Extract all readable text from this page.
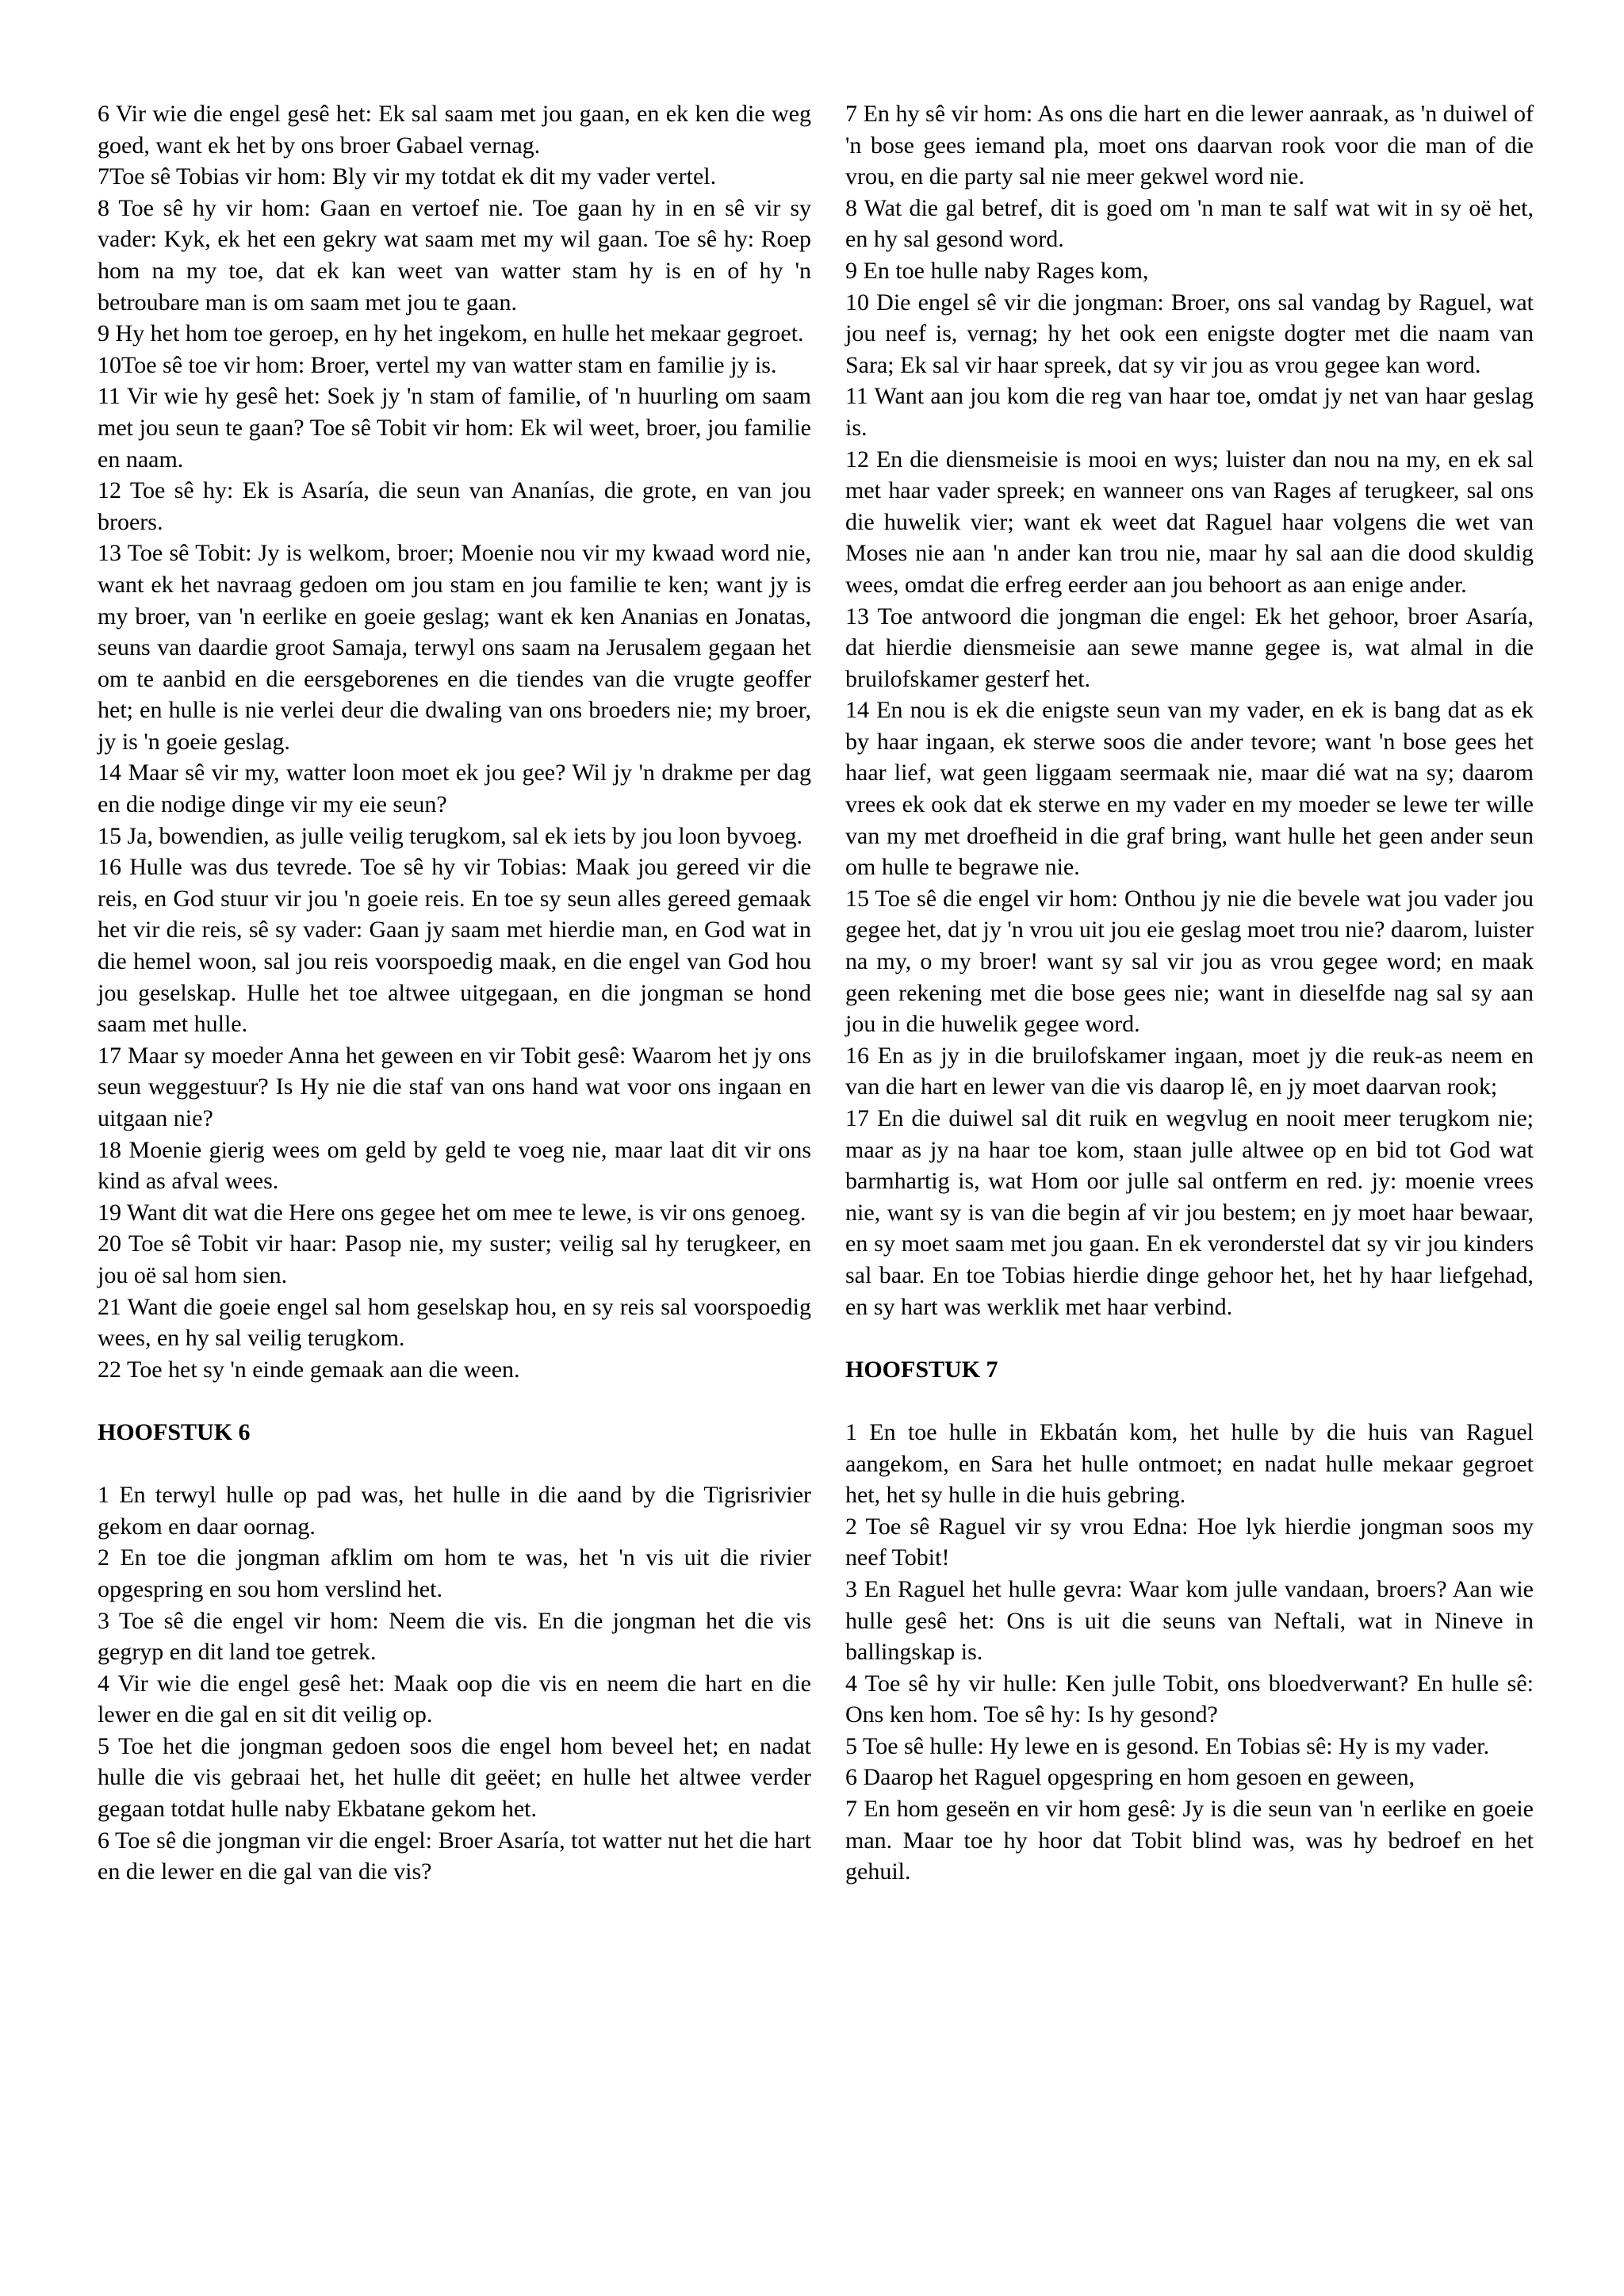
6 Vir wie die engel gesê het: Ek sal saam met jou gaan, en ek ken die weg goed, want ek het by ons broer Gabael vernag.

7Toe sê Tobias vir hom: Bly vir my totdat ek dit my vader vertel.

8 Toe sê hy vir hom: Gaan en vertoef nie. Toe gaan hy in en sê vir sy vader: Kyk, ek het een gekry wat saam met my wil gaan. Toe sê hy: Roep hom na my toe, dat ek kan weet van watter stam hy is en of hy 'n betroubare man is om saam met jou te gaan.

9 Hy het hom toe geroep, en hy het ingekom, en hulle het mekaar gegroet.

10Toe sê toe vir hom: Broer, vertel my van watter stam en familie jy is.

11 Vir wie hy gesê het: Soek jy 'n stam of familie, of 'n huurling om saam met jou seun te gaan? Toe sê Tobit vir hom: Ek wil weet, broer, jou familie en naam.

12 Toe sê hy: Ek is Asaría, die seun van Ananías, die grote, en van jou broers.

13 Toe sê Tobit: Jy is welkom, broer; Moenie nou vir my kwaad word nie, want ek het navraag gedoen om jou stam en jou familie te ken; want jy is my broer, van 'n eerlike en goeie geslag; want ek ken Ananias en Jonatas, seuns van daardie groot Samaja, terwyl ons saam na Jerusalem gegaan het om te aanbid en die eersgeborenes en die tiendes van die vrugte geoffer het; en hulle is nie verlei deur die dwaling van ons broeders nie; my broer, jy is 'n goeie geslag.

14 Maar sê vir my, watter loon moet ek jou gee? Wil jy 'n drakme per dag en die nodige dinge vir my eie seun?

15 Ja, bowendien, as julle veilig terugkom, sal ek iets by jou loon byvoeg.

16 Hulle was dus tevrede. Toe sê hy vir Tobias: Maak jou gereed vir die reis, en God stuur vir jou 'n goeie reis. En toe sy seun alles gereed gemaak het vir die reis, sê sy vader: Gaan jy saam met hierdie man, en God wat in die hemel woon, sal jou reis voorspoedig maak, en die engel van God hou jou geselskap. Hulle het toe altwee uitgegaan, en die jongman se hond saam met hulle.

17 Maar sy moeder Anna het geween en vir Tobit gesê: Waarom het jy ons seun weggestuur? Is Hy nie die staf van ons hand wat voor ons ingaan en uitgaan nie?

18 Moenie gierig wees om geld by geld te voeg nie, maar laat dit vir ons kind as afval wees.

19 Want dit wat die Here ons gegee het om mee te lewe, is vir ons genoeg.

20 Toe sê Tobit vir haar: Pasop nie, my suster; veilig sal hy terugkeer, en jou oë sal hom sien.

21 Want die goeie engel sal hom geselskap hou, en sy reis sal voorspoedig wees, en hy sal veilig terugkom.

22 Toe het sy 'n einde gemaak aan die ween.

HOOFSTUK 6

1 En terwyl hulle op pad was, het hulle in die aand by die Tigrisrivier gekom en daar oornag.

2 En toe die jongman afklim om hom te was, het 'n vis uit die rivier opgespring en sou hom verslind het.

3 Toe sê die engel vir hom: Neem die vis. En die jongman het die vis gegryp en dit land toe getrek.

4 Vir wie die engel gesê het: Maak oop die vis en neem die hart en die lewer en die gal en sit dit veilig op.

5 Toe het die jongman gedoen soos die engel hom beveel het; en nadat hulle die vis gebraai het, het hulle dit geëet; en hulle het altwee verder gegaan totdat hulle naby Ekbatane gekom het.

6 Toe sê die jongman vir die engel: Broer Asaría, tot watter nut het die hart en die lewer en die gal van die vis?

7 En hy sê vir hom: As ons die hart en die lewer aanraak, as 'n duiwel of 'n bose gees iemand pla, moet ons daarvan rook voor die man of die vrou, en die party sal nie meer gekwel word nie.

8 Wat die gal betref, dit is goed om 'n man te salf wat wit in sy oë het, en hy sal gesond word.

9 En toe hulle naby Rages kom,

10 Die engel sê vir die jongman: Broer, ons sal vandag by Raguel, wat jou neef is, vernag; hy het ook een enigste dogter met die naam van Sara; Ek sal vir haar spreek, dat sy vir jou as vrou gegee kan word.

11 Want aan jou kom die reg van haar toe, omdat jy net van haar geslag is.

12 En die diensmeisie is mooi en wys; luister dan nou na my, en ek sal met haar vader spreek; en wanneer ons van Rages af terugkeer, sal ons die huwelik vier; want ek weet dat Raguel haar volgens die wet van Moses nie aan 'n ander kan trou nie, maar hy sal aan die dood skuldig wees, omdat die erfreg eerder aan jou behoort as aan enige ander.

13 Toe antwoord die jongman die engel: Ek het gehoor, broer Asaría, dat hierdie diensmeisie aan sewe manne gegee is, wat almal in die bruilofskamer gesterf het.

14 En nou is ek die enigste seun van my vader, en ek is bang dat as ek by haar ingaan, ek sterwe soos die ander tevore; want 'n bose gees het haar lief, wat geen liggaam seermaak nie, maar dié wat na sy; daarom vrees ek ook dat ek sterwe en my vader en my moeder se lewe ter wille van my met droefheid in die graf bring, want hulle het geen ander seun om hulle te begrawe nie.

15 Toe sê die engel vir hom: Onthou jy nie die bevele wat jou vader jou gegee het, dat jy 'n vrou uit jou eie geslag moet trou nie? daarom, luister na my, o my broer! want sy sal vir jou as vrou gegee word; en maak geen rekening met die bose gees nie; want in dieselfde nag sal sy aan jou in die huwelik gegee word.

16 En as jy in die bruilofskamer ingaan, moet jy die reuk-as neem en van die hart en lewer van die vis daarop lê, en jy moet daarvan rook;

17 En die duiwel sal dit ruik en wegvlug en nooit meer terugkom nie; maar as jy na haar toe kom, staan julle altwee op en bid tot God wat barmhartig is, wat Hom oor julle sal ontferm en red. jy: moenie vrees nie, want sy is van die begin af vir jou bestem; en jy moet haar bewaar, en sy moet saam met jou gaan. En ek veronderstel dat sy vir jou kinders sal baar. En toe Tobias hierdie dinge gehoor het, het hy haar liefgehad, en sy hart was werklik met haar verbind.

HOOFSTUK 7

1 En toe hulle in Ekbatán kom, het hulle by die huis van Raguel aangekom, en Sara het hulle ontmoet; en nadat hulle mekaar gegroet het, het sy hulle in die huis gebring.

2 Toe sê Raguel vir sy vrou Edna: Hoe lyk hierdie jongman soos my neef Tobit!

3 En Raguel het hulle gevra: Waar kom julle vandaan, broers? Aan wie hulle gesê het: Ons is uit die seuns van Neftali, wat in Nineve in ballingskap is.

4 Toe sê hy vir hulle: Ken julle Tobit, ons bloedverwant? En hulle sê: Ons ken hom. Toe sê hy: Is hy gesond?

5 Toe sê hulle: Hy lewe en is gesond. En Tobias sê: Hy is my vader.

6 Daarop het Raguel opgespring en hom gesoen en geween,

7 En hom geseën en vir hom gesê: Jy is die seun van 'n eerlike en goeie man. Maar toe hy hoor dat Tobit blind was, was hy bedroef en het gehuil.
